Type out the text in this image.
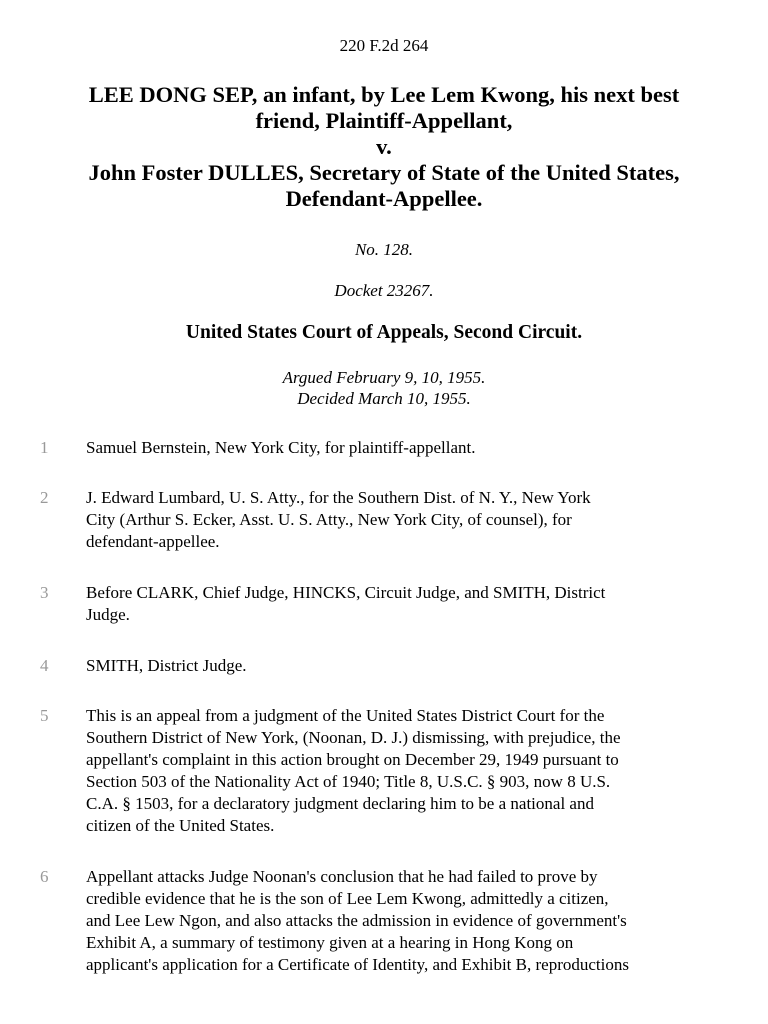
220 F.2d 264
LEE DONG SEP, an infant, by Lee Lem Kwong, his next best
friend, Plaintiff-Appellant,
v.
John Foster DULLES, Secretary of State of the United States,
Defendant-Appellee.
No. 128.
Docket 23267.
United States Court of Appeals, Second Circuit.
Argued February 9, 10, 1955.
Decided March 10, 1955.
1	Samuel Bernstein, New York City, for plaintiff-appellant.
2	J. Edward Lumbard, U. S. Atty., for the Southern Dist. of N. Y., New York
City (Arthur S. Ecker, Asst. U. S. Atty., New York City, of counsel), for
defendant-appellee.
3	Before CLARK, Chief Judge, HINCKS, Circuit Judge, and SMITH, District
Judge.
4	SMITH, District Judge.
5	This is an appeal from a judgment of the United States District Court for the
Southern District of New York, (Noonan, D. J.) dismissing, with prejudice, the
appellant's complaint in this action brought on December 29, 1949 pursuant to
Section 503 of the Nationality Act of 1940; Title 8, U.S.C. § 903, now 8 U.S.
C.A. § 1503, for a declaratory judgment declaring him to be a national and
citizen of the United States.
6	Appellant attacks Judge Noonan's conclusion that he had failed to prove by
credible evidence that he is the son of Lee Lem Kwong, admittedly a citizen,
and Lee Lew Ngon, and also attacks the admission in evidence of government's
Exhibit A, a summary of testimony given at a hearing in Hong Kong on
applicant's application for a Certificate of Identity, and Exhibit B, reproductions
